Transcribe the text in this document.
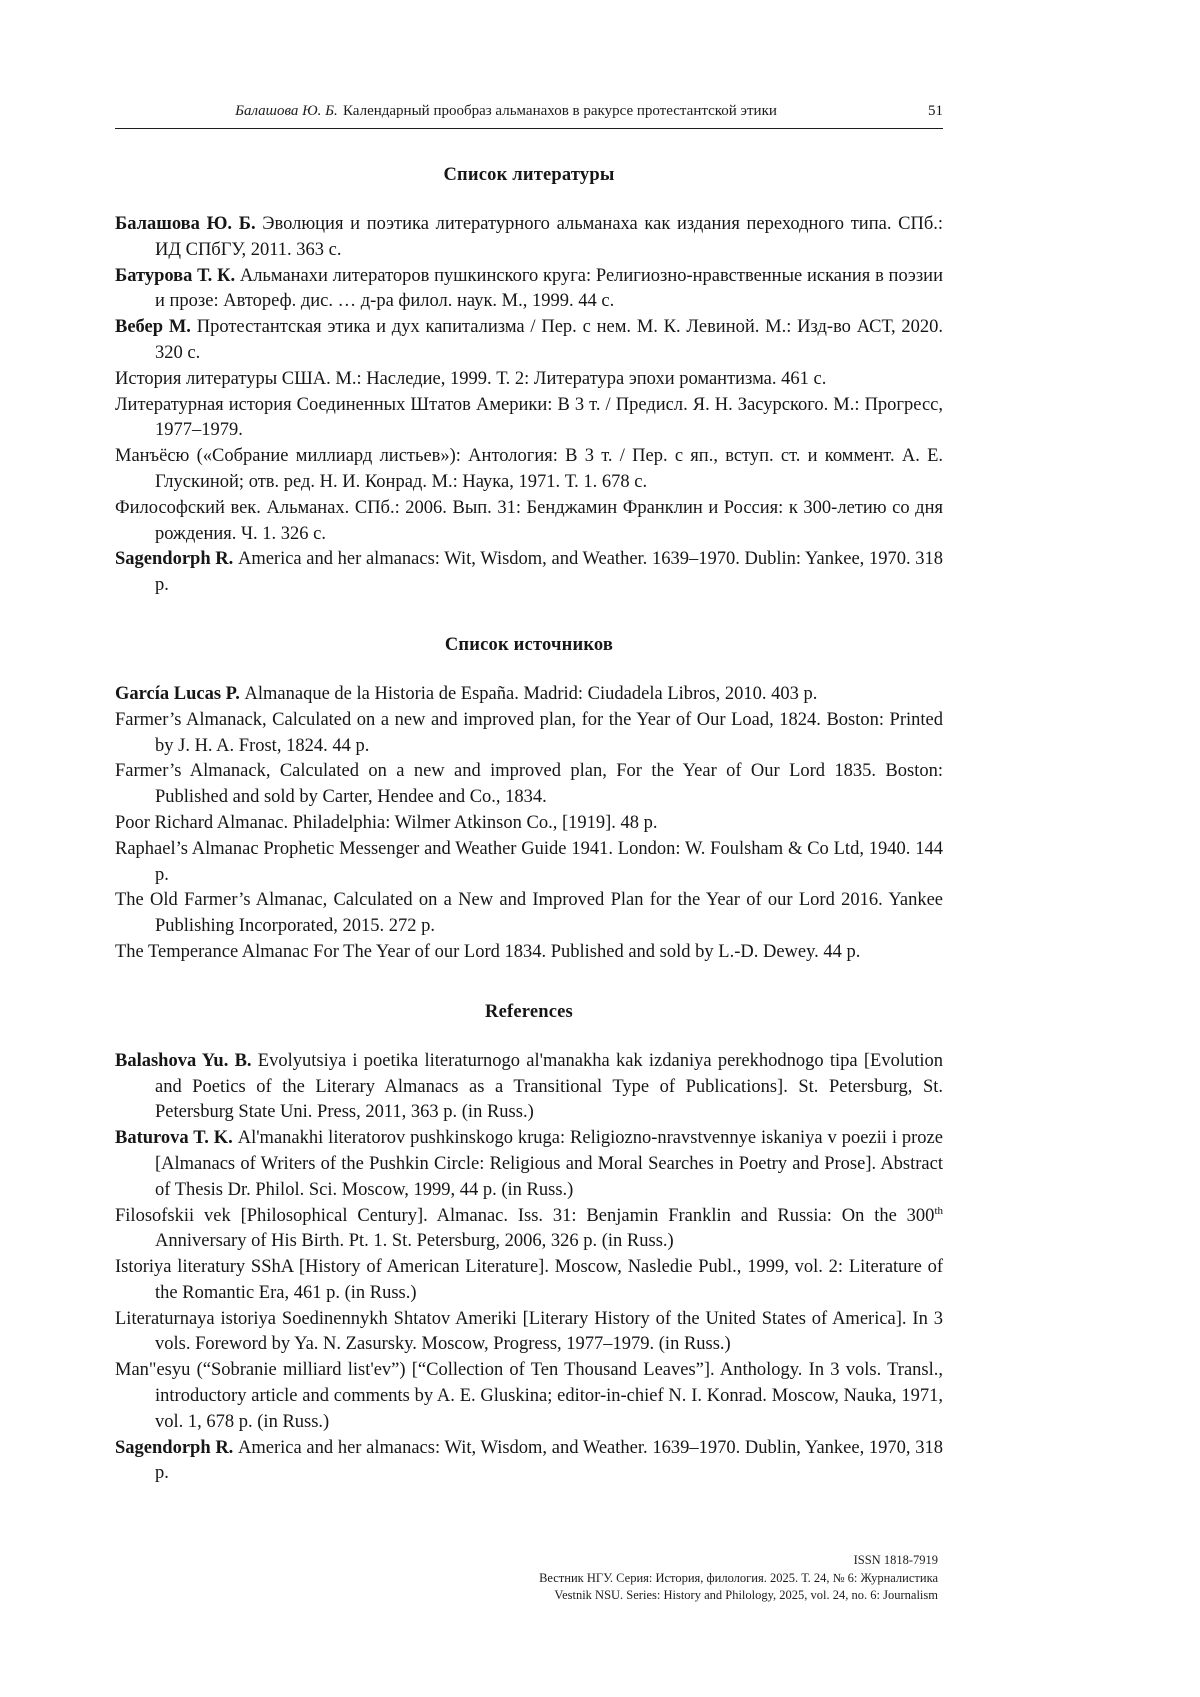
Балашова Ю. Б. Календарный прообраз альманахов в ракурсе протестантской этики	51
Список литературы

Балашова Ю. Б. Эволюция и поэтика литературного альманаха как издания переходного типа. СПб.: ИД СПбГУ, 2011. 363 с.

Батурова Т. К. Альманахи литераторов пушкинского круга: Религиозно-нравственные искания в поэзии и прозе: Автореф. дис. … д-ра филол. наук. М., 1999. 44 с.

Вебер М. Протестантская этика и дух капитализма / Пер. с нем. М. К. Левиной. М.: Изд-во АСТ, 2020. 320 с.

История литературы США. М.: Наследие, 1999. Т. 2: Литература эпохи романтизма. 461 с.

Литературная история Соединенных Штатов Америки: В 3 т. / Предисл. Я. Н. Засурского. М.: Прогресс, 1977–1979.

Манъёсю («Собрание миллиард листьев»): Антология: В 3 т. / Пер. с яп., вступ. ст. и коммент. А. Е. Глускиной; отв. ред. Н. И. Конрад. М.: Наука, 1971. Т. 1. 678 с.

Философский век. Альманах. СПб.: 2006. Вып. 31: Бенджамин Франклин и Россия: к 300-летию со дня рождения. Ч. 1. 326 с.

Sagendorph R. America and her almanacs: Wit, Wisdom, and Weather. 1639–1970. Dublin: Yankee, 1970. 318 p.

Список источников

García Lucas P. Almanaque de la Historia de España. Madrid: Ciudadela Libros, 2010. 403 p.

Farmer’s Almanack, Calculated on a new and improved plan, for the Year of Our Load, 1824. Boston: Printed by J. H. A. Frost, 1824. 44 p.

Farmer’s Almanack, Calculated on a new and improved plan, For the Year of Our Lord 1835. Boston: Published and sold by Carter, Hendee and Co., 1834.

Poor Richard Almanac. Philadelphia: Wilmer Atkinson Co., [1919]. 48 p.

Raphael’s Almanac Prophetic Messenger and Weather Guide 1941. London: W. Foulsham & Co Ltd, 1940. 144 p.

The Old Farmer’s Almanac, Calculated on a New and Improved Plan for the Year of our Lord 2016. Yankee Publishing Incorporated, 2015. 272 p.

The Temperance Almanac For The Year of our Lord 1834. Published and sold by L.-D. Dewey. 44 p.

References

Balashova Yu. B. Evolyutsiya i poetika literaturnogo al'manakha kak izdaniya perekhodnogo tipa [Evolution and Poetics of the Literary Almanacs as a Transitional Type of Publications]. St. Petersburg, St. Petersburg State Uni. Press, 2011, 363 p. (in Russ.)

Baturova T. K. Al'manakhi literatorov pushkinskogo kruga: Religiozno-nravstvennye iskaniya v poezii i proze [Almanacs of Writers of the Pushkin Circle: Religious and Moral Searches in Poetry and Prose]. Abstract of Thesis Dr. Philol. Sci. Moscow, 1999, 44 p. (in Russ.)

Filosofskii vek [Philosophical Century]. Almanac. Iss. 31: Benjamin Franklin and Russia: On the 300th Anniversary of His Birth. Pt. 1. St. Petersburg, 2006, 326 p. (in Russ.)

Istoriya literatury SShA [History of American Literature]. Moscow, Nasledie Publ., 1999, vol. 2: Literature of the Romantic Era, 461 p. (in Russ.)

Literaturnaya istoriya Soedinennykh Shtatov Ameriki [Literary History of the United States of America]. In 3 vols. Foreword by Ya. N. Zasursky. Moscow, Progress, 1977–1979. (in Russ.)

Man"esyu (“Sobranie milliard list'ev”) [“Collection of Ten Thousand Leaves”]. Anthology. In 3 vols. Transl., introductory article and comments by A. E. Gluskina; editor-in-chief N. I. Konrad. Moscow, Nauka, 1971, vol. 1, 678 p. (in Russ.)

Sagendorph R. America and her almanacs: Wit, Wisdom, and Weather. 1639–1970. Dublin, Yankee, 1970, 318 p.

ISSN 1818-7919
Вестник НГУ. Серия: История, филология. 2025. Т. 24, № 6: Журналистика
Vestnik NSU. Series: History and Philology, 2025, vol. 24, no. 6: Journalism
